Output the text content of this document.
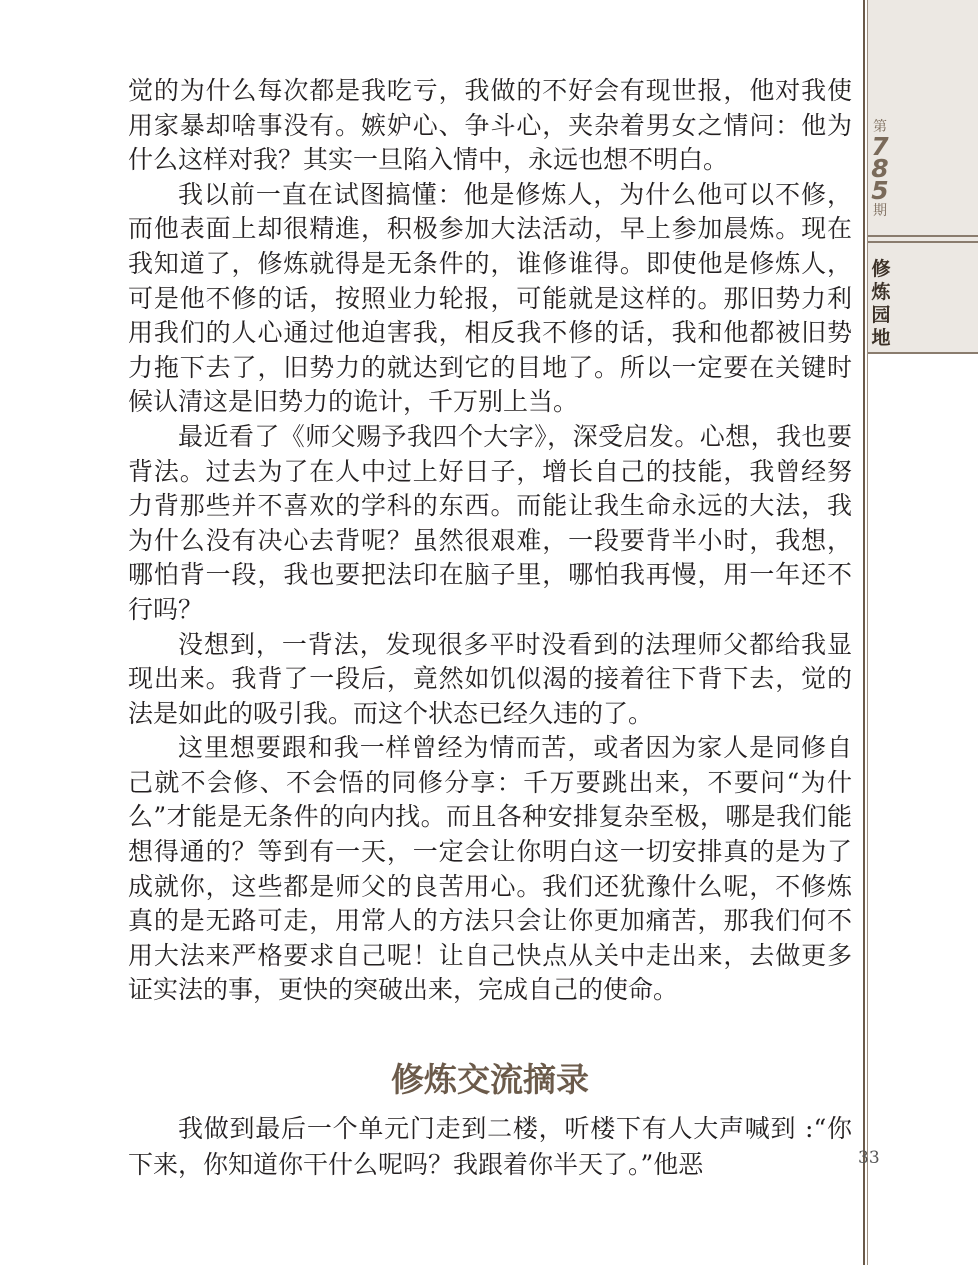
觉的为什么每次都是我吃亏，我做的不好会有现世报，他对我使用家暴却啥事没有。嫉妒心、争斗心，夹杂着男女之情问：他为什么这样对我？其实一旦陷入情中，永远也想不明白。

我以前一直在试图搞懂：他是修炼人，为什么他可以不修，而他表面上却很精進，积极参加大法活动，早上参加晨炼。现在我知道了，修炼就得是无条件的，谁修谁得。即使他是修炼人，可是他不修的话，按照业力轮报，可能就是这样的。那旧势力利用我们的人心通过他迫害我，相反我不修的话，我和他都被旧势力拖下去了，旧势力的就达到它的目地了。所以一定要在关键时候认清这是旧势力的诡计，千万别上当。

最近看了《师父赐予我四个大字》，深受启发。心想，我也要背法。过去为了在人中过上好日子，增长自己的技能，我曾经努力背那些并不喜欢的学科的东西。而能让我生命永远的大法，我为什么没有决心去背呢？虽然很艰难，一段要背半小时，我想，哪怕背一段，我也要把法印在脑子里，哪怕我再慢，用一年还不行吗？

没想到，一背法，发现很多平时没看到的法理师父都给我显现出来。我背了一段后，竟然如饥似渴的接着往下背下去，觉的法是如此的吸引我。而这个状态已经久违的了。

这里想要跟和我一样曾经为情而苦，或者因为家人是同修自己就不会修、不会悟的同修分享：千万要跳出来，不要问“为什么”才能是无条件的向内找。而且各种安排复杂至极，哪是我们能想得通的？等到有一天，一定会让你明白这一切安排真的是为了成就你，这些都是师父的良苦用心。我们还犹豫什么呢，不修炼真的是无路可走，用常人的方法只会让你更加痛苦，那我们何不用大法来严格要求自己呢！让自己快点从关中走出来，去做更多证实法的事，更快的突破出来，完成自己的使命。

修炼交流摘录

我做到最后一个单元门走到二楼，听楼下有人大声喊到 :“你下来，你知道你干什么呢吗？我跟着你半天了。”他恶

第
7
8
5
期
修
炼
园
地
33
